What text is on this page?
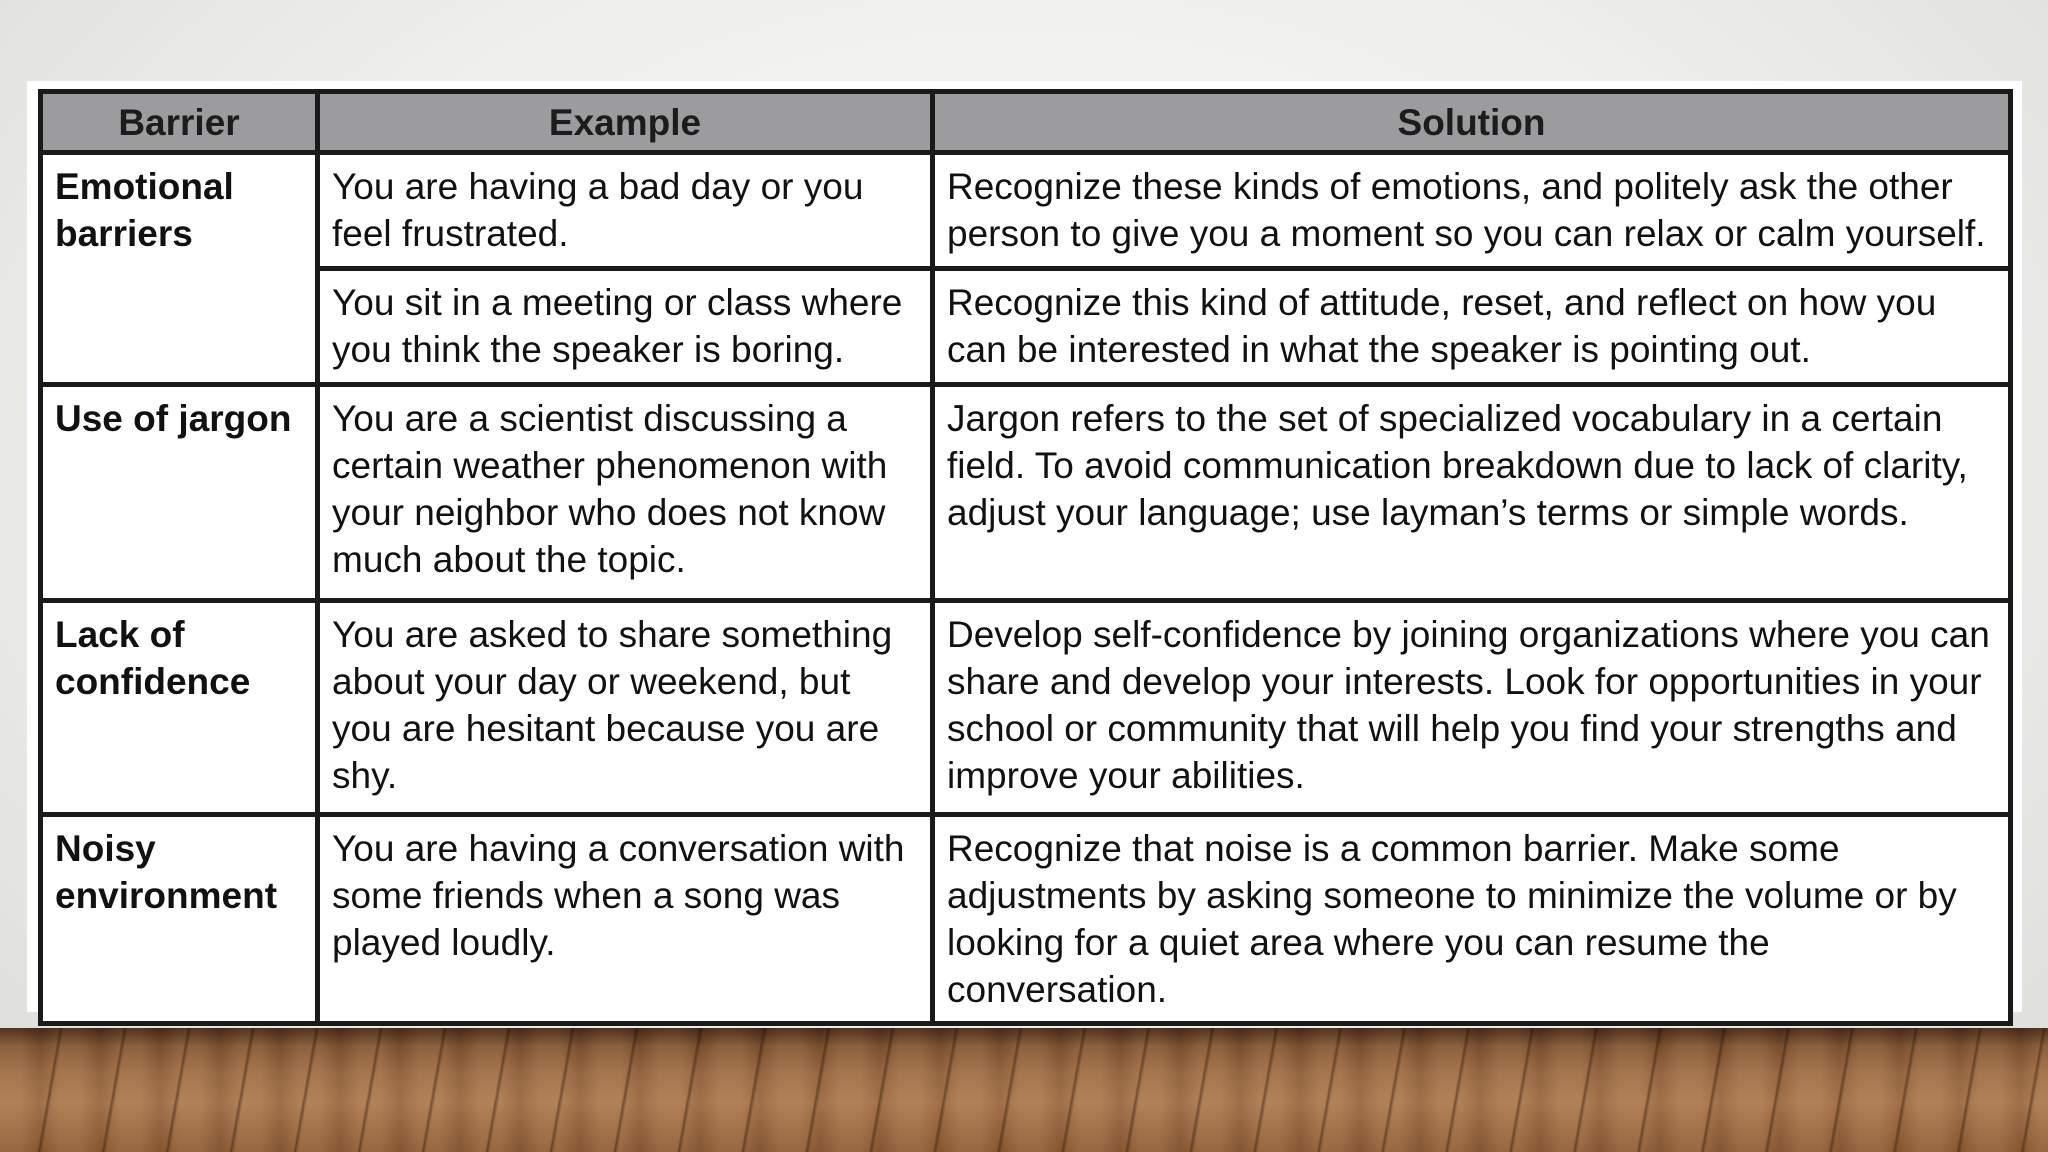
Barrier	Example	Solution
Emotional barriers	You are having a bad day or you feel frustrated.	Recognize these kinds of emotions, and politely ask the other person to give you a moment so you can relax or calm yourself.
	You sit in a meeting or class where you think the speaker is boring.	Recognize this kind of attitude, reset, and reflect on how you can be interested in what the speaker is pointing out.
Use of jargon	You are a scientist discussing a certain weather phenomenon with your neighbor who does not know much about the topic.	Jargon refers to the set of specialized vocabulary in a certain field. To avoid communication breakdown due to lack of clarity, adjust your language; use layman’s terms or simple words.
Lack of confidence	You are asked to share something about your day or weekend, but you are hesitant because you are shy.	Develop self-confidence by joining organizations where you can share and develop your interests. Look for opportunities in your school or community that will help you find your strengths and improve your abilities.
Noisy environment	You are having a conversation with some friends when a song was played loudly.	Recognize that noise is a common barrier. Make some adjustments by asking someone to minimize the volume or by looking for a quiet area where you can resume the conversation.
